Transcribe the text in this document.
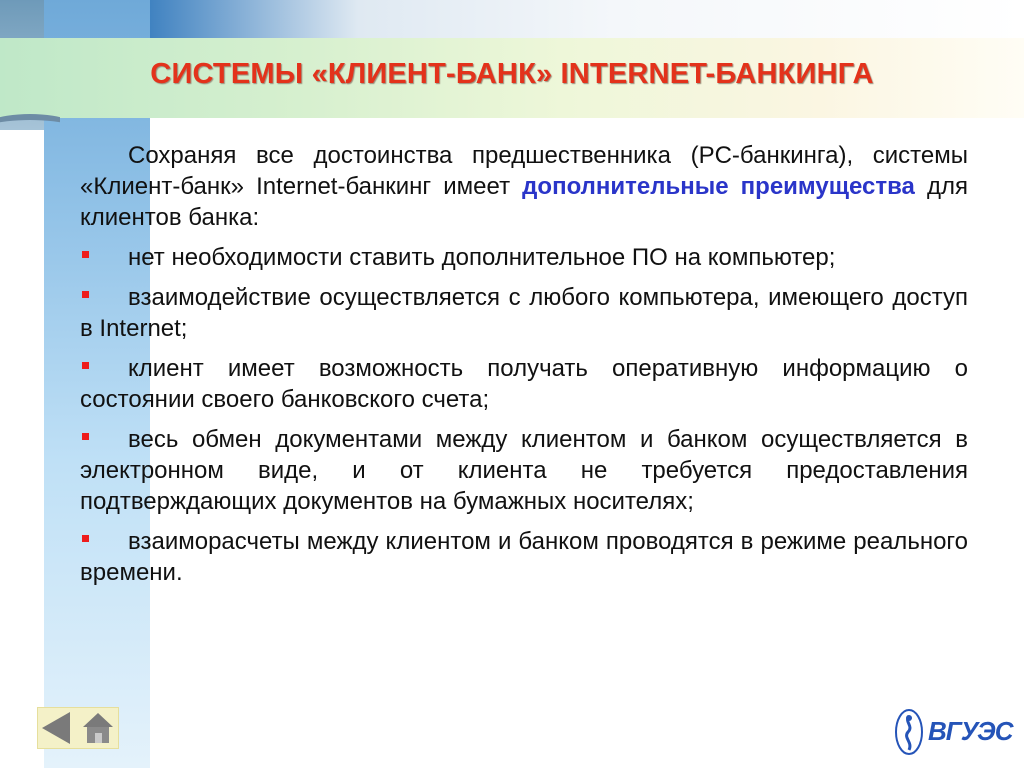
СИСТЕМЫ «КЛИЕНТ-БАНК» INTERNET-БАНКИНГА

Сохраняя все достоинства предшественника (PC-банкинга), системы «Клиент-банк» Internet-банкинг имеет дополнительные преимущества для клиентов банка:

нет необходимости ставить дополнительное ПО на компьютер;

взаимодействие осуществляется с любого компьютера, имеющего доступ в Internet;

клиент имеет возможность получать оперативную информацию о состоянии своего банковского счета;

весь обмен документами между клиентом и банком осуществляется в электронном виде, и от клиента не требуется предоставления подтверждающих документов на бумажных носителях;

взаиморасчеты между клиентом и банком проводятся в режиме реального времени.

ВГУЭС
